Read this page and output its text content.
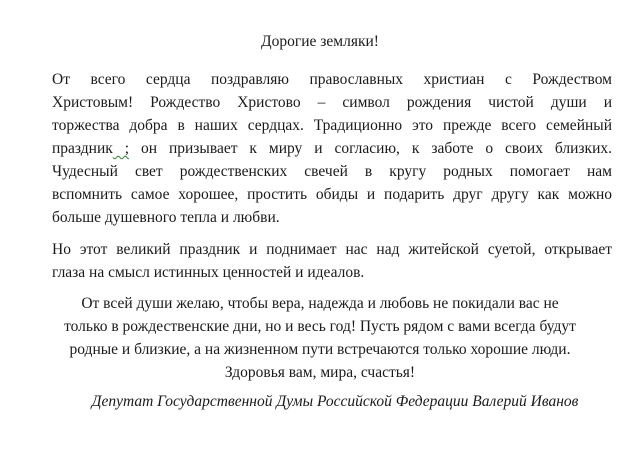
Дорогие земляки!
От всего сердца поздравляю православных христиан с Рождеством
Христовым! Рождество Христово – символ рождения чистой души и
торжества добра в наших сердцах. Традиционно это прежде всего семейный
праздник ; он призывает к миру и согласию, к заботе о своих близких.
Чудесный свет рождественских свечей в кругу родных помогает нам
вспомнить самое хорошее, простить обиды и подарить друг другу как можно
больше душевного тепла и любви.
Но этот великий праздник и поднимает нас над житейской суетой, открывает
глаза на смысл истинных ценностей и идеалов.
От всей души желаю, чтобы вера, надежда и любовь не покидали вас не
только в рождественские дни, но и весь год! Пусть рядом с вами всегда будут
родные и близкие, а на жизненном пути встречаются только хорошие люди.
Здоровья вам, мира, счастья!
Депутат Государственной Думы Российской Федерации Валерий Иванов
